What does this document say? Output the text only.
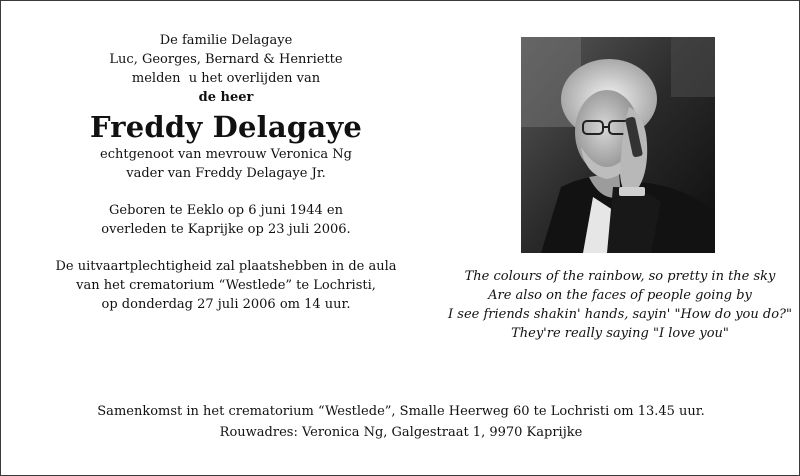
De familie Delagaye
Luc, Georges, Bernard & Henriette
melden  u het overlijden van
de heer
Freddy Delagaye
echtgenoot van mevrouw Veronica Ng
vader van Freddy Delagaye Jr.
Geboren te Eeklo op 6 juni 1944 en
overleden te Kaprijke op 23 juli 2006.
De uitvaartplechtigheid zal plaatshebben in de aula
van het crematorium “Westlede” te Lochristi,
op donderdag 27 juli 2006 om 14 uur.
The colours of the rainbow, so pretty in the sky
Are also on the faces of people going by
I see friends shakin' hands, sayin' "How do you do?"
They're really saying "I love you"
Samenkomst in het crematorium “Westlede”, Smalle Heerweg 60 te Lochristi om 13.45 uur.
Rouwadres: Veronica Ng, Galgestraat 1, 9970 Kaprijke
